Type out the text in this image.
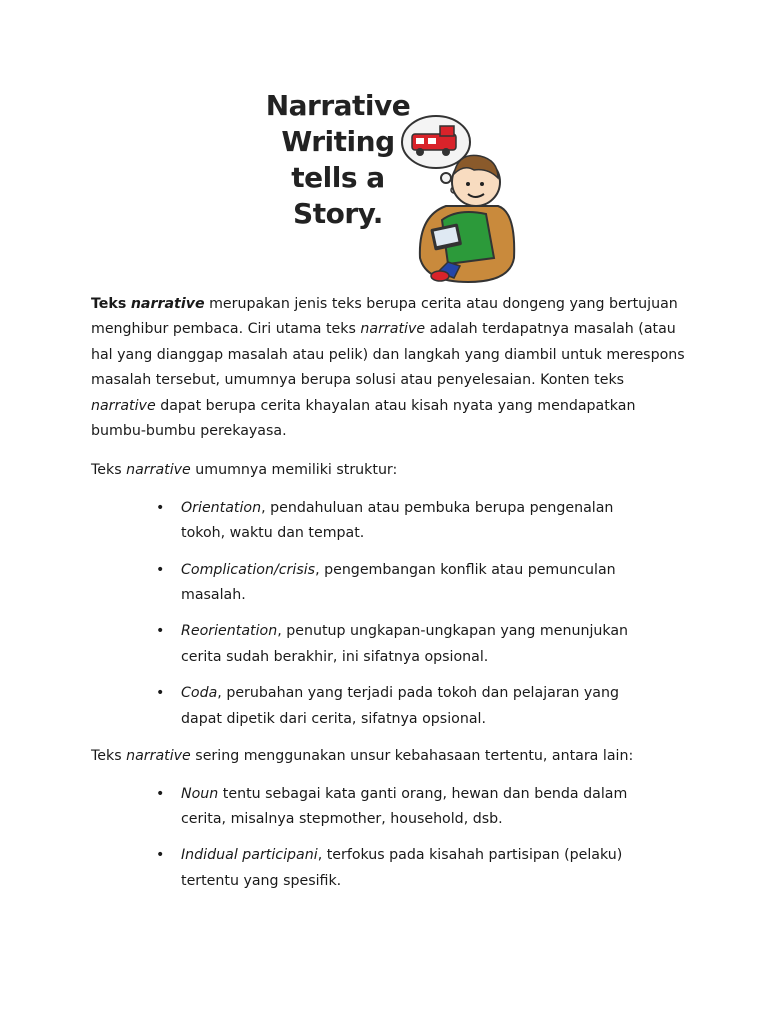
Narrative
Writing
tells a
Story.

Teks narrative merupakan jenis teks berupa cerita atau dongeng yang bertujuan menghibur pembaca. Ciri utama teks narrative adalah terdapatnya masalah (atau hal yang dianggap masalah atau pelik) dan langkah yang diambil untuk merespons masalah tersebut, umumnya berupa solusi atau penyelesaian. Konten teks narrative dapat berupa cerita khayalan atau kisah nyata yang mendapatkan bumbu-bumbu perekayasa.

Teks narrative umumnya memiliki struktur:

• Orientation, pendahuluan atau pembuka berupa pengenalan tokoh, waktu dan tempat.
• Complication/crisis, pengembangan konflik atau pemunculan masalah.
• Reorientation, penutup ungkapan-ungkapan yang menunjukan cerita sudah berakhir, ini sifatnya opsional.
• Coda, perubahan yang terjadi pada tokoh dan pelajaran yang dapat dipetik dari cerita, sifatnya opsional.

Teks narrative sering menggunakan unsur kebahasaan tertentu, antara lain:

• Noun tentu sebagai kata ganti orang, hewan dan benda dalam cerita, misalnya stepmother, household, dsb.
• Indidual participani, terfokus pada kisahah partisipan (pelaku) tertentu yang spesifik.
